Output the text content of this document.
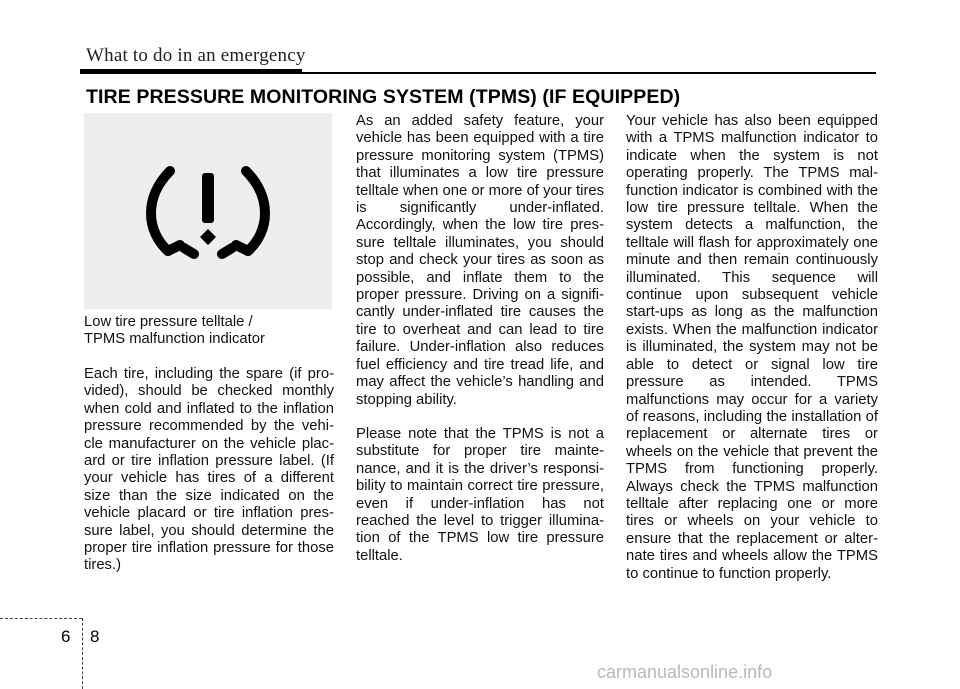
What to do in an emergency
TIRE PRESSURE MONITORING SYSTEM (TPMS) (IF EQUIPPED)
Low tire pressure telltale /
TPMS malfunction indicator

Each tire, including the spare (if provided), should be checked monthly when cold and inflated to the inflation pressure recommended by the vehicle manufacturer on the vehicle placard or tire inflation pressure label. (If your vehicle has tires of a different size than the size indicated on the vehicle placard or tire inflation pressure label, you should determine the proper tire inflation pressure for those tires.)

As an added safety feature, your vehicle has been equipped with a tire pressure monitoring system (TPMS) that illuminates a low tire pressure telltale when one or more of your tires is significantly under-inflated. Accordingly, when the low tire pressure telltale illuminates, you should stop and check your tires as soon as possible, and inflate them to the proper pressure. Driving on a significantly under-inflated tire causes the tire to overheat and can lead to tire failure. Under-inflation also reduces fuel efficiency and tire tread life, and may affect the vehicle’s handling and stopping ability.

Please note that the TPMS is not a substitute for proper tire maintenance, and it is the driver’s responsibility to maintain correct tire pressure, even if under-inflation has not reached the level to trigger illumination of the TPMS low tire pressure telltale.

Your vehicle has also been equipped with a TPMS malfunction indicator to indicate when the system is not operating properly. The TPMS malfunction indicator is combined with the low tire pressure telltale. When the system detects a malfunction, the telltale will flash for approximately one minute and then remain continuously illuminated. This sequence will continue upon subsequent vehicle start-ups as long as the malfunction exists. When the malfunction indicator is illuminated, the system may not be able to detect or signal low tire pressure as intended. TPMS malfunctions may occur for a variety of reasons, including the installation of replacement or alternate tires or wheels on the vehicle that prevent the TPMS from functioning properly. Always check the TPMS malfunction telltale after replacing one or more tires or wheels on your vehicle to ensure that the replacement or alternate tires and wheels allow the TPMS to continue to function properly.

6 8
carmanualsonline.info
